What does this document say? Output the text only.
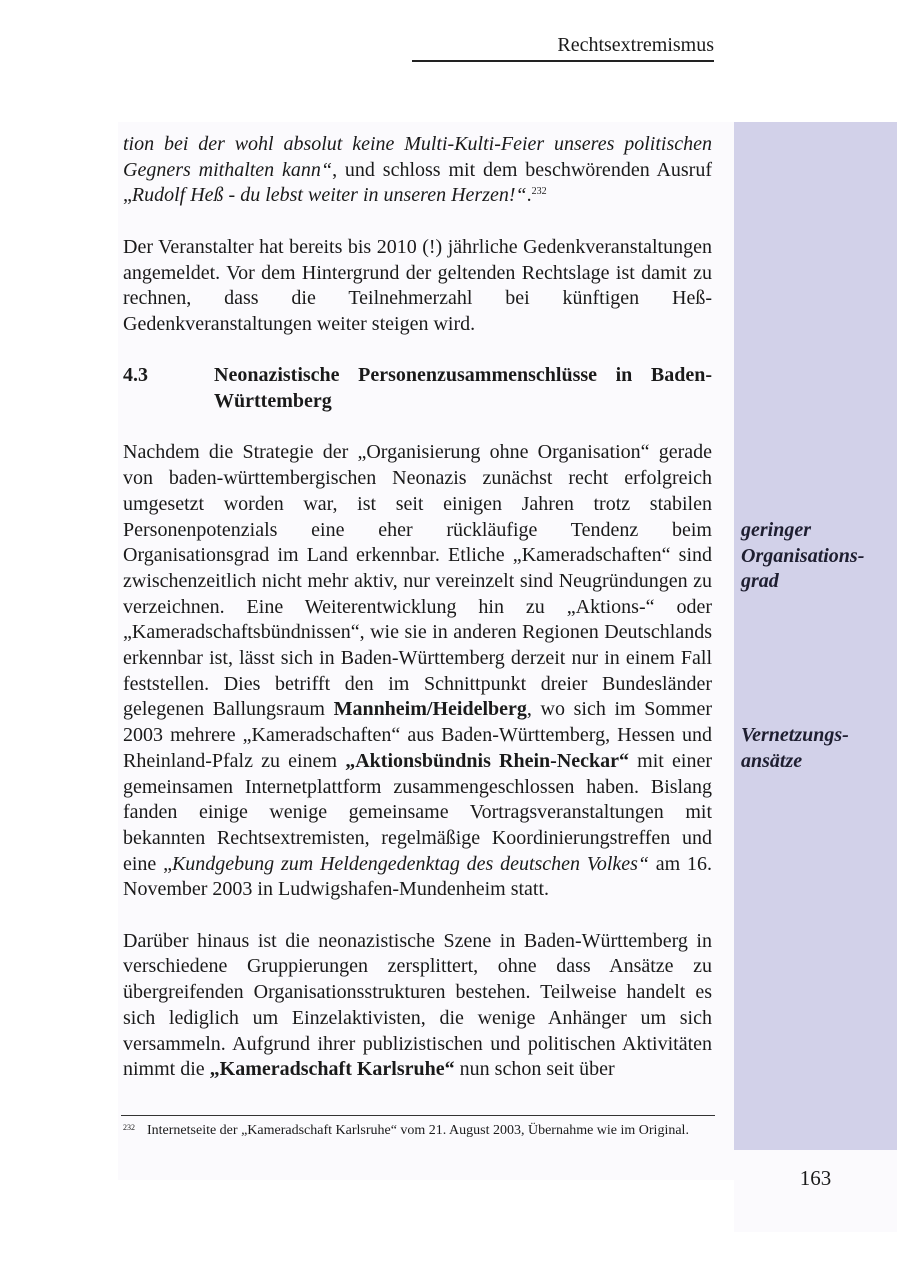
Rechtsextremismus
163

tion bei der wohl absolut keine Multi-Kulti-Feier unseres politischen Gegners mithalten kann“, und schloss mit dem beschwörenden Ausruf „Rudolf Heß - du lebst weiter in unseren Herzen!“.$^{232}$

Der Veranstalter hat bereits bis 2010 (!) jährliche Gedenkveranstaltungen angemeldet. Vor dem Hintergrund der geltenden Rechtslage ist damit zu rechnen, dass die Teilnehmerzahl bei künftigen Heß-Gedenkveranstaltungen weiter steigen wird.

4.3	Neonazistische Personenzusammenschlüsse in Baden-Württemberg

Nachdem die Strategie der „Organisierung ohne Organisation“ gerade von baden-württembergischen Neonazis zunächst recht erfolgreich umgesetzt worden war, ist seit einigen Jahren trotz stabilen Personenpotenzials eine eher rückläufige Tendenz beim Organisationsgrad im Land erkennbar. Etliche „Kameradschaften“ sind zwischenzeitlich nicht mehr aktiv, nur vereinzelt sind Neugründungen zu verzeichnen. Eine Weiterentwicklung hin zu „Aktions-“ oder „Kameradschaftsbündnissen“, wie sie in anderen Regionen Deutschlands erkennbar ist, lässt sich in Baden-Württemberg derzeit nur in einem Fall feststellen. Dies betrifft den im Schnittpunkt dreier Bundesländer gelegenen Ballungsraum Mannheim/Heidelberg, wo sich im Sommer 2003 mehrere „Kameradschaften“ aus Baden-Württemberg, Hessen und Rheinland-Pfalz zu einem „Aktionsbündnis Rhein-Neckar“ mit einer gemeinsamen Internetplattform zusammengeschlossen haben. Bislang fanden einige wenige gemeinsame Vortragsveranstaltungen mit bekannten Rechtsextremisten, regelmäßige Koordinierungstreffen und eine „Kundgebung zum Heldengedenktag des deutschen Volkes“ am 16. November 2003 in Ludwigshafen-Mundenheim statt.

Darüber hinaus ist die neonazistische Szene in Baden-Württemberg in verschiedene Gruppierungen zersplittert, ohne dass Ansätze zu übergreifenden Organisationsstrukturen bestehen. Teilweise handelt es sich lediglich um Einzelaktivisten, die wenige Anhänger um sich versammeln. Aufgrund ihrer publizistischen und politischen Aktivitäten nimmt die „Kameradschaft Karlsruhe“ nun schon seit über

232 Internetseite der „Kameradschaft Karlsruhe“ vom 21. August 2003, Übernahme wie im Original.
geringer
Organisations-
grad
Vernetzungs-
ansätze
